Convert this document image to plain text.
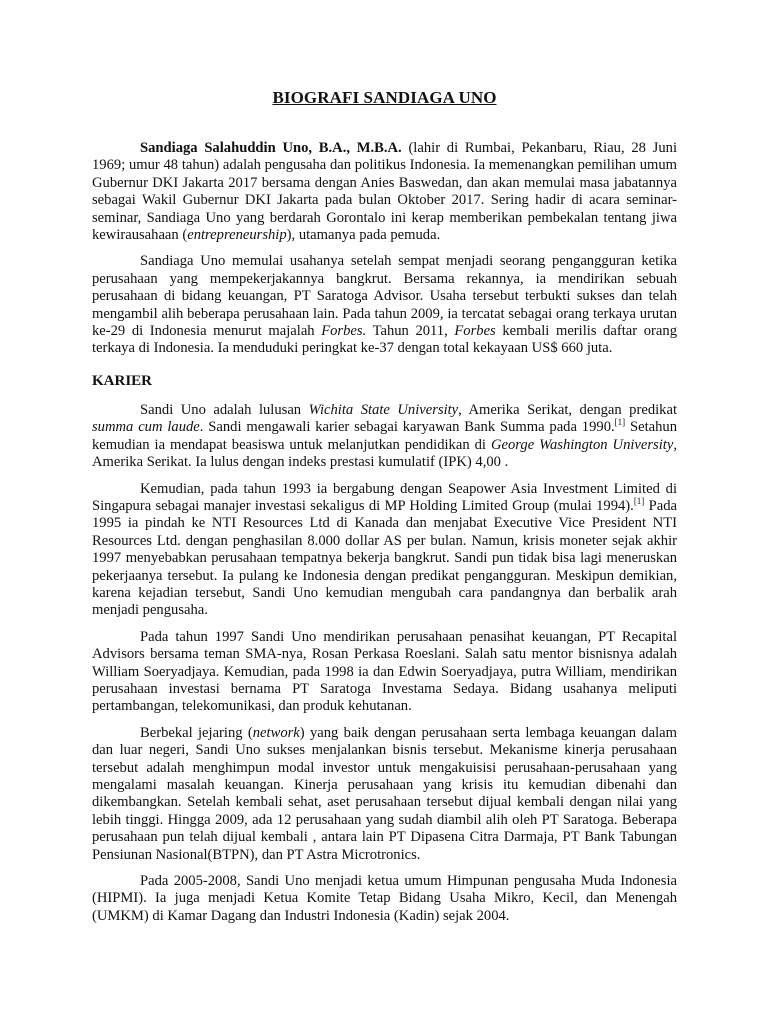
BIOGRAFI SANDIAGA UNO

Sandiaga Salahuddin Uno, B.A., M.B.A. (lahir di Rumbai, Pekanbaru, Riau, 28 Juni 1969; umur 48 tahun) adalah pengusaha dan politikus Indonesia. Ia memenangkan pemilihan umum Gubernur DKI Jakarta 2017 bersama dengan Anies Baswedan, dan akan memulai masa jabatannya sebagai Wakil Gubernur DKI Jakarta pada bulan Oktober 2017. Sering hadir di acara seminar-seminar, Sandiaga Uno yang berdarah Gorontalo ini kerap memberikan pembekalan tentang jiwa kewirausahaan (entrepreneurship), utamanya pada pemuda.

Sandiaga Uno memulai usahanya setelah sempat menjadi seorang pengangguran ketika perusahaan yang mempekerjakannya bangkrut. Bersama rekannya, ia mendirikan sebuah perusahaan di bidang keuangan, PT Saratoga Advisor. Usaha tersebut terbukti sukses dan telah mengambil alih beberapa perusahaan lain. Pada tahun 2009, ia tercatat sebagai orang terkaya urutan ke-29 di Indonesia menurut majalah Forbes. Tahun 2011, Forbes kembali merilis daftar orang terkaya di Indonesia. Ia menduduki peringkat ke-37 dengan total kekayaan US$ 660 juta.

KARIER

Sandi Uno adalah lulusan Wichita State University, Amerika Serikat, dengan predikat summa cum laude. Sandi mengawali karier sebagai karyawan Bank Summa pada 1990.[1] Setahun kemudian ia mendapat beasiswa untuk melanjutkan pendidikan di George Washington University, Amerika Serikat. Ia lulus dengan indeks prestasi kumulatif (IPK) 4,00 .

Kemudian, pada tahun 1993 ia bergabung dengan Seapower Asia Investment Limited di Singapura sebagai manajer investasi sekaligus di MP Holding Limited Group (mulai 1994).[1] Pada 1995 ia pindah ke NTI Resources Ltd di Kanada dan menjabat Executive Vice President NTI Resources Ltd. dengan penghasilan 8.000 dollar AS per bulan. Namun, krisis moneter sejak akhir 1997 menyebabkan perusahaan tempatnya bekerja bangkrut. Sandi pun tidak bisa lagi meneruskan pekerjaanya tersebut. Ia pulang ke Indonesia dengan predikat pengangguran. Meskipun demikian, karena kejadian tersebut, Sandi Uno kemudian mengubah cara pandangnya dan berbalik arah menjadi pengusaha.

Pada tahun 1997 Sandi Uno mendirikan perusahaan penasihat keuangan, PT Recapital Advisors bersama teman SMA-nya, Rosan Perkasa Roeslani. Salah satu mentor bisnisnya adalah William Soeryadjaya. Kemudian, pada 1998 ia dan Edwin Soeryadjaya, putra William, mendirikan perusahaan investasi bernama PT Saratoga Investama Sedaya. Bidang usahanya meliputi pertambangan, telekomunikasi, dan produk kehutanan.

Berbekal jejaring (network) yang baik dengan perusahaan serta lembaga keuangan dalam dan luar negeri, Sandi Uno sukses menjalankan bisnis tersebut. Mekanisme kinerja perusahaan tersebut adalah menghimpun modal investor untuk mengakuisisi perusahaan-perusahaan yang mengalami masalah keuangan. Kinerja perusahaan yang krisis itu kemudian dibenahi dan dikembangkan. Setelah kembali sehat, aset perusahaan tersebut dijual kembali dengan nilai yang lebih tinggi. Hingga 2009, ada 12 perusahaan yang sudah diambil alih oleh PT Saratoga. Beberapa perusahaan pun telah dijual kembali , antara lain PT Dipasena Citra Darmaja, PT Bank Tabungan Pensiunan Nasional(BTPN), dan PT Astra Microtronics.

Pada 2005-2008, Sandi Uno menjadi ketua umum Himpunan pengusaha Muda Indonesia (HIPMI). Ia juga menjadi Ketua Komite Tetap Bidang Usaha Mikro, Kecil, dan Menengah (UMKM) di Kamar Dagang dan Industri Indonesia (Kadin) sejak 2004.
